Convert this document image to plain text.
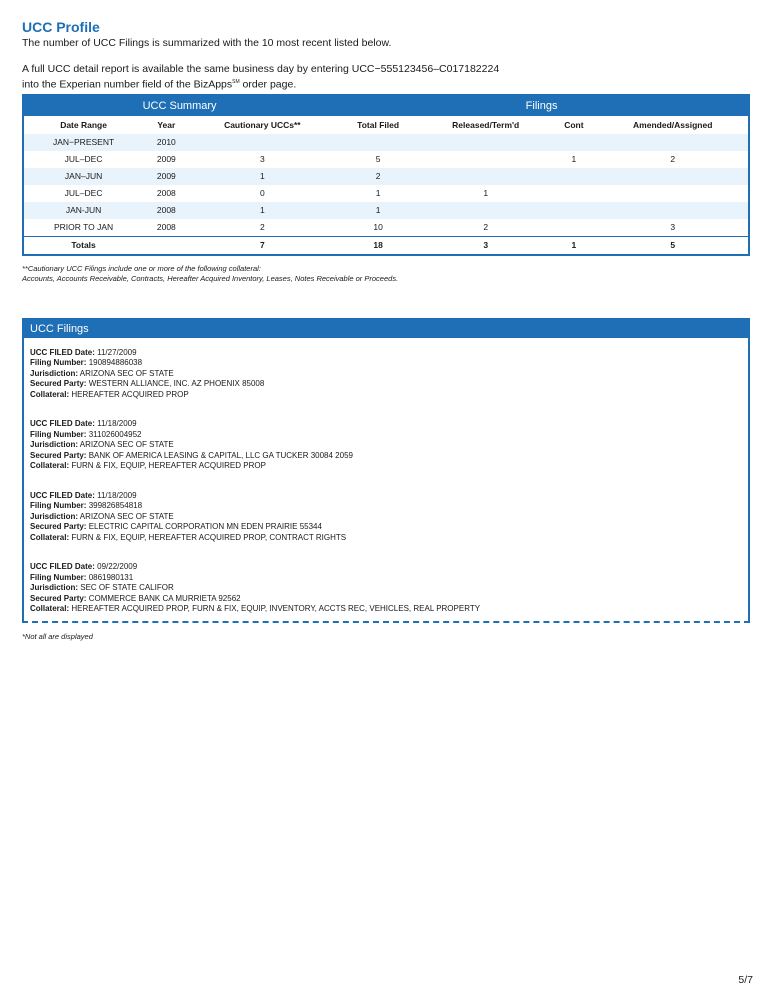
UCC Profile

The number of UCC Filings is summarized with the 10 most recent listed below.

A full UCC detail report is available the same business day by entering UCC−555123456–C017182224

into the Experian number field of the BizApps℠ order page.

UCC Summary			Filings			
Date Range	Year	Cautionary UCCs**	Total Filed	Released/Term'd	Cont	Amended/Assigned
JAN−PRESENT	2010					
JUL–DEC	2009	3	5		1	2
JAN–JUN	2009	1	2			
JUL–DEC	2008	0	1	1		
JAN-JUN	2008	1	1			
PRIOR TO JAN	2008	2	10	2		3
Totals		7	18	3	1	5
**Cautionary UCC Filings include one or more of the following collateral:
Accounts, Accounts Receivable, Contracts, Hereafter Acquired Inventory, Leases, Notes Receivable or Proceeds.
UCC Filings
UCC FILED Date: 11/27/2009
Filing Number: 190894886038
Jurisdiction: ARIZONA SEC OF STATE
Secured Party: WESTERN ALLIANCE, INC. AZ PHOENIX 85008
Collateral: HEREAFTER ACQUIRED PROP
UCC FILED Date: 11/18/2009
Filing Number: 311026004952
Jurisdiction: ARIZONA SEC OF STATE
Secured Party: BANK OF AMERICA LEASING & CAPITAL, LLC GA TUCKER 30084 2059
Collateral: FURN & FIX, EQUIP, HEREAFTER ACQUIRED PROP
UCC FILED Date: 11/18/2009
Filing Number: 399826854818
Jurisdiction: ARIZONA SEC OF STATE
Secured Party: ELECTRIC CAPITAL CORPORATION MN EDEN PRAIRIE 55344
Collateral: FURN & FIX, EQUIP, HEREAFTER ACQUIRED PROP, CONTRACT RIGHTS
UCC FILED Date: 09/22/2009
Filing Number: 0861980131
Jurisdiction: SEC OF STATE CALIFOR
Secured Party: COMMERCE BANK CA MURRIETA 92562
Collateral: HEREAFTER ACQUIRED PROP, FURN & FIX, EQUIP, INVENTORY, ACCTS REC, VEHICLES, REAL PROPERTY
*Not all are displayed
5/7
